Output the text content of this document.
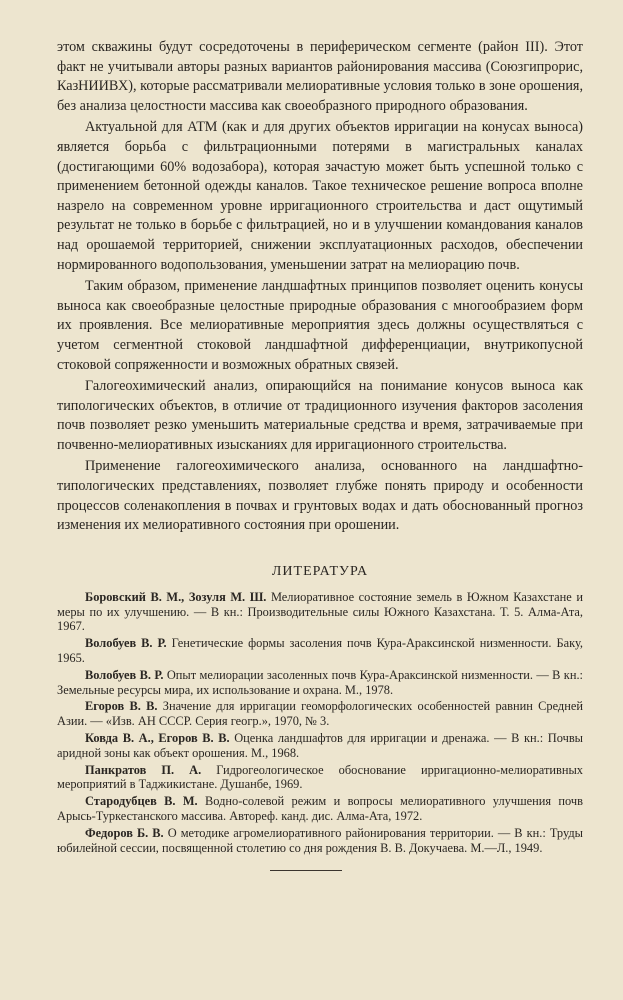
этом скважины будут сосредоточены в периферическом сегменте (район III). Этот факт не учитывали авторы разных вариантов районирования массива (Союзгипрорис, КазНИИВХ), которые рассматривали мелиоративные условия только в зоне орошения, без анализа целостности массива как своеобразного природного образования.

Актуальной для АТМ (как и для других объектов ирригации на конусах выноса) является борьба с фильтрационными потерями в магистральных каналах (достигающими 60% водозабора), которая зачастую может быть успешной только с применением бетонной одежды каналов. Такое техническое решение вопроса вполне назрело на современном уровне ирригационного строительства и даст ощутимый результат не только в борьбе с фильтрацией, но и в улучшении командования каналов над орошаемой территорией, снижении эксплуатационных расходов, обеспечении нормированного водопользования, уменьшении затрат на мелиорацию почв.

Таким образом, применение ландшафтных принципов позволяет оценить конусы выноса как своеобразные целостные природные образования с многообразием форм их проявления. Все мелиоративные мероприятия здесь должны осуществляться с учетом сегментной стоковой ландшафтной дифференциации, внутрикопусной стоковой сопряженности и возможных обратных связей.

Галогеохимический анализ, опирающийся на понимание конусов выноса как типологических объектов, в отличие от традиционного изучения факторов засоления почв позволяет резко уменьшить материальные средства и время, затрачиваемые при почвенно-мелиоративных изысканиях для ирригационного строительства.

Применение галогеохимического анализа, основанного на ландшафтно-типологических представлениях, позволяет глубже понять природу и особенности процессов соленакопления в почвах и грунтовых водах и дать обоснованный прогноз изменения их мелиоративного состояния при орошении.

ЛИТЕРАТУРА

Боровский В. М., Зозуля М. Ш. Мелиоративное состояние земель в Южном Казахстане и меры по их улучшению. — В кн.: Производительные силы Южного Казахстана. Т. 5. Алма-Ата, 1967.

Волобуев В. Р. Генетические формы засоления почв Кура-Араксинской низменности. Баку, 1965.

Волобуев В. Р. Опыт мелиорации засоленных почв Кура-Араксинской низменности. — В кн.: Земельные ресурсы мира, их использование и охрана. М., 1978.

Егоров В. В. Значение для ирригации геоморфологических особенностей равнин Средней Азии. — «Изв. АН СССР. Серия геогр.», 1970, № 3.

Ковда В. А., Егоров В. В. Оценка ландшафтов для ирригации и дренажа. — В кн.: Почвы аридной зоны как объект орошения. М., 1968.

Панкратов П. А. Гидрогеологическое обоснование ирригационно-мелиоративных мероприятий в Таджикистане. Душанбе, 1969.

Стародубцев В. М. Водно-солевой режим и вопросы мелиоративного улучшения почв Арысь-Туркестанского массива. Автореф. канд. дис. Алма-Ата, 1972.

Федоров Б. В. О методике агромелиоративного районирования территории. — В кн.: Труды юбилейной сессии, посвященной столетию со дня рождения В. В. Докучаева. М.—Л., 1949.
